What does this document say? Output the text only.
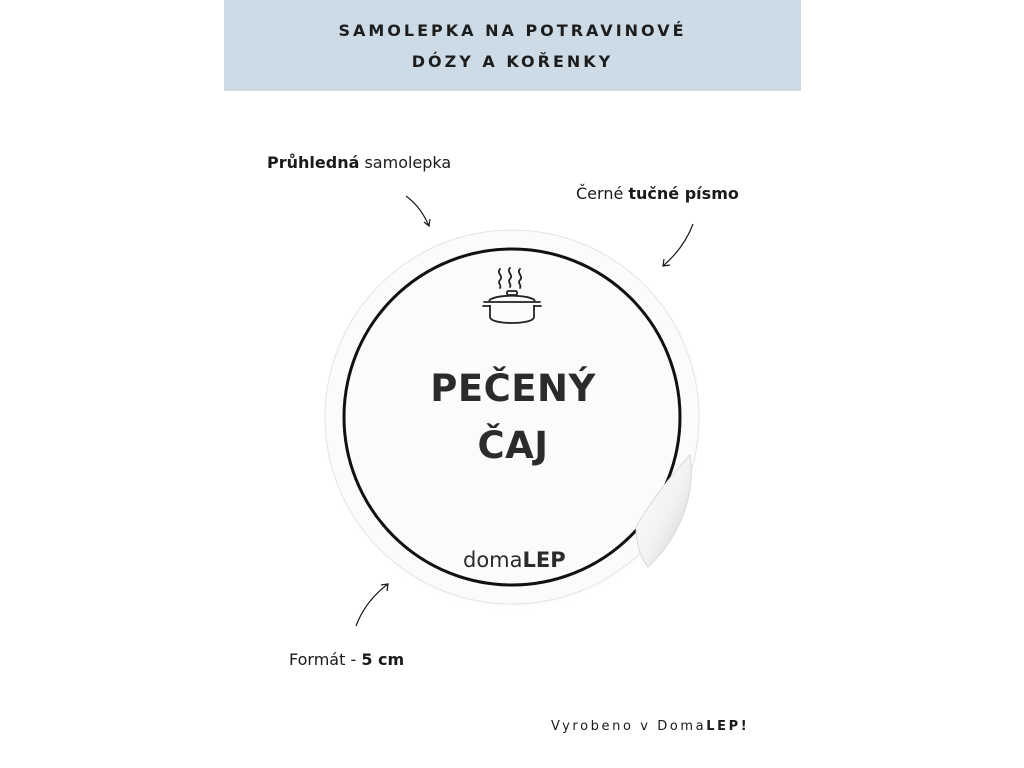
SAMOLEPKA NA POTRAVINOVÉ
DÓZY A KOŘENKY
Průhledná samolepka
Černé tučné písmo
Formát - 5 cm
PEČENÝ
ČAJ
domaLEP
Vyrobeno v DomaLEP!
